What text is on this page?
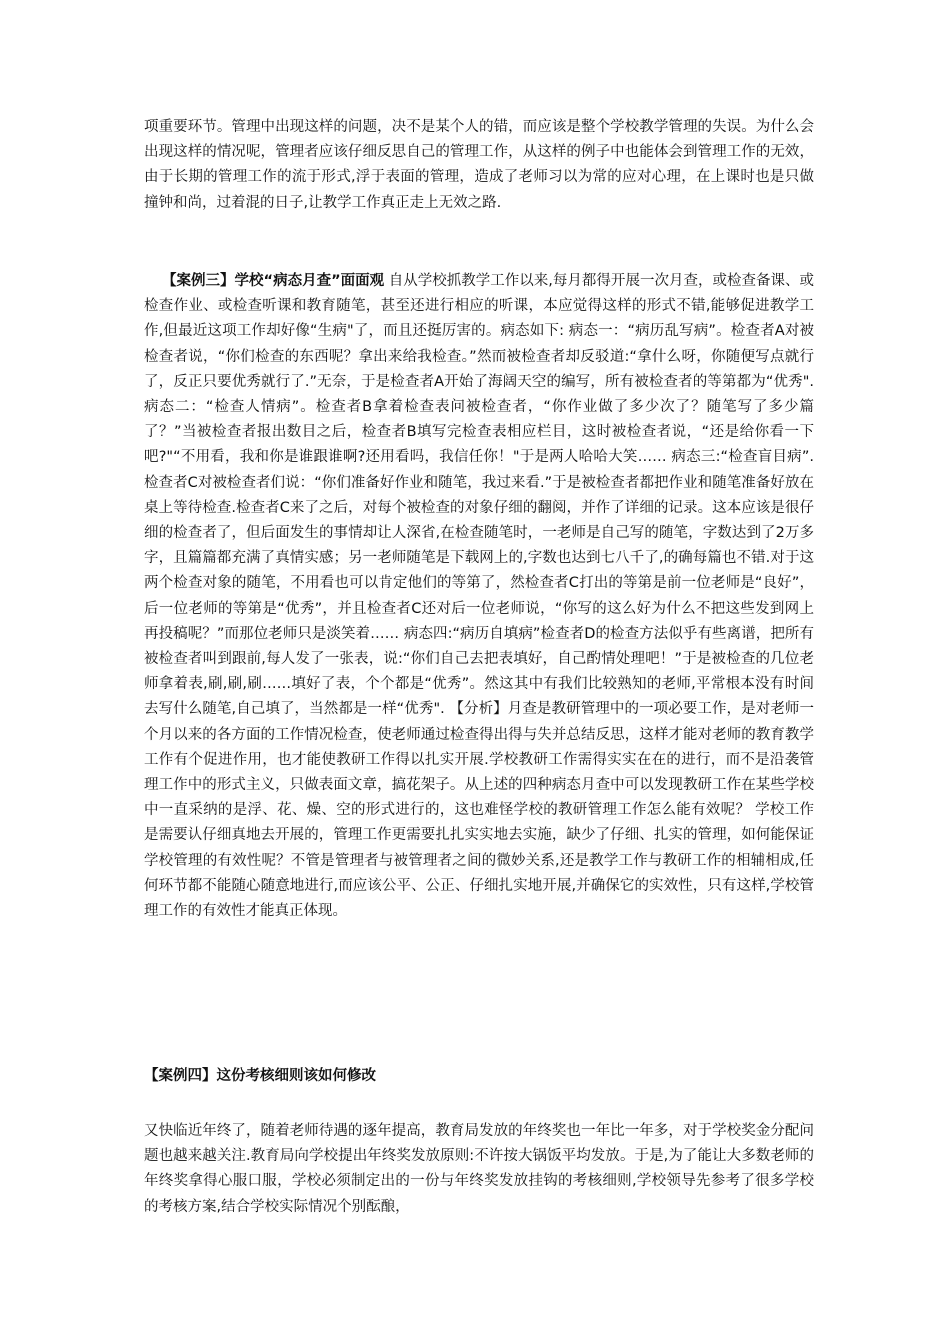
项重要环节。管理中出现这样的问题，决不是某个人的错，而应该是整个学校教学管理的失误。为什么会出现这样的情况呢，管理者应该仔细反思自己的管理工作，从这样的例子中也能体会到管理工作的无效，由于长期的管理工作的流于形式,浮于表面的管理，造成了老师习以为常的应对心理，在上课时也是只做撞钟和尚，过着混的日子,让教学工作真正走上无效之路.

【案例三】学校“病态月查”面面观 自从学校抓教学工作以来,每月都得开展一次月查，或检查备课、或检查作业、或检查听课和教育随笔，甚至还进行相应的听课，本应觉得这样的形式不错,能够促进教学工作,但最近这项工作却好像“生病"了，而且还挺厉害的。病态如下: 病态一：“病历乱写病”。检查者A对被检查者说，“你们检查的东西呢？拿出来给我检查。”然而被检查者却反驳道:“拿什么呀，你随便写点就行了，反正只要优秀就行了.”无奈，于是检查者A开始了海阔天空的编写，所有被检查者的等第都为“优秀". 病态二：“检查人情病”。检查者B拿着检查表问被检查者，“你作业做了多少次了？随笔写了多少篇了？”当被检查者报出数目之后，检查者B填写完检查表相应栏目，这时被检查者说，“还是给你看一下吧?"“不用看，我和你是谁跟谁啊?还用看吗，我信任你！"于是两人哈哈大笑…… 病态三:“检查盲目病”.检查者C对被检查者们说：“你们准备好作业和随笔，我过来看.”于是被检查者都把作业和随笔准备好放在桌上等待检查.检查者C来了之后，对每个被检查的对象仔细的翻阅，并作了详细的记录。这本应该是很仔细的检查者了，但后面发生的事情却让人深省,在检查随笔时，一老师是自己写的随笔，字数达到了2万多字，且篇篇都充满了真情实感；另一老师随笔是下载网上的,字数也达到七八千了,的确每篇也不错.对于这两个检查对象的随笔，不用看也可以肯定他们的等第了，然检查者C打出的等第是前一位老师是“良好”，后一位老师的等第是“优秀”，并且检查者C还对后一位老师说，“你写的这么好为什么不把这些发到网上再投稿呢？”而那位老师只是淡笑着…… 病态四:“病历自填病”检查者D的检查方法似乎有些离谱，把所有被检查者叫到跟前,每人发了一张表，说:“你们自己去把表填好，自己酌情处理吧！”于是被检查的几位老师拿着表,刷,刷,刷……填好了表，个个都是“优秀”。然这其中有我们比较熟知的老师,平常根本没有时间去写什么随笔,自己填了，当然都是一样“优秀". 【分析】月查是教研管理中的一项必要工作，是对老师一个月以来的各方面的工作情况检查，使老师通过检查得出得与失并总结反思，这样才能对老师的教育教学工作有个促进作用，也才能使教研工作得以扎实开展.学校教研工作需得实实在在的进行，而不是沿袭管理工作中的形式主义，只做表面文章，搞花架子。从上述的四种病态月查中可以发现教研工作在某些学校中一直采纳的是浮、花、燥、空的形式进行的，这也难怪学校的教研管理工作怎么能有效呢？ 学校工作是需要认仔细真地去开展的，管理工作更需要扎扎实实地去实施，缺少了仔细、扎实的管理，如何能保证学校管理的有效性呢？不管是管理者与被管理者之间的微妙关系,还是教学工作与教研工作的相辅相成,任何环节都不能随心随意地进行,而应该公平、公正、仔细扎实地开展,并确保它的实效性，只有这样,学校管理工作的有效性才能真正体现。

【案例四】这份考核细则该如何修改

又快临近年终了，随着老师待遇的逐年提高，教育局发放的年终奖也一年比一年多，对于学校奖金分配问题也越来越关注.教育局向学校提出年终奖发放原则:不许按大锅饭平均发放。于是,为了能让大多数老师的年终奖拿得心服口服，学校必须制定出的一份与年终奖发放挂钩的考核细则,学校领导先参考了很多学校的考核方案,结合学校实际情况个别酝酿，
